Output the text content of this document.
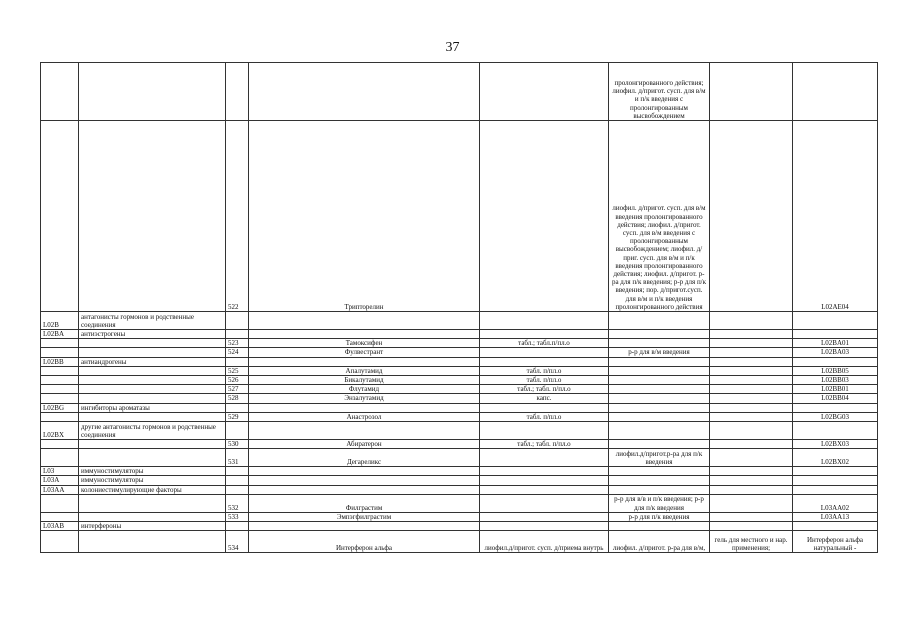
37
					пролонгированного действия; лиофил. д/пригот. сусп. для в/м и п/к введения с пролонгированным высвобождением		
		522	Трипторелин		лиофил. д/пригот. сусп. для в/м введения пролонгированного действия; лиофил. д/пригот. сусп. для в/м введения с пролонгированным высвобождением; лиофил. д/приг. сусп. для в/м и п/к введения пролонгированного действия; лиофил. д/пригот. р-ра для п/к введения; р-р для п/к введения; пор. д/пригот.сусп. для в/м и п/к введения пролонгированного действия		L02AE04
L02B	антагонисты гормонов и родственные соединения						
L02BA	антиэстрогены						
		523	Тамоксифен	табл.; табл.п/пл.о			L02BA01
		524	Фулвестрант		р-р для в/м введения		L02BA03
L02BB	антиандрогены						
		525	Апалутамид	табл. п/пл.о			L02BB05
		526	Бикалутамид	табл. п/пл.о			L02BB03
		527	Флутамид	табл.; табл. п/пл.о			L02BB01
		528	Энзалутамид	капс.			L02BB04
L02BG	ингибиторы ароматазы						
		529	Анастрозол	табл. п/пл.о			L02BG03
L02BX	другие антагонисты гормонов и родственные соединения						
		530	Абиратерон	табл.; табл. п/пл.о			L02BX03
		531	Дегареликс		лиофил.д/пригот.р-ра для п/к введения		L02BX02
L03	иммуностимуляторы						
L03A	иммуностимуляторы						
L03AA	колониестимулирующие факторы						
		532	Филграстим		р-р для в/в и п/к введения; р-р для п/к введения		L03AA02
		533	Эмпэгфилграстим		р-р для п/к введения		L03AA13
L03AB	интерфероны						
		534	Интерферон альфа	лиофил.д/пригот. сусп. д/приема внутрь	лиофил. д/пригот. р-ра для в/м,	гель для местного и нар. применения;	Интерферон альфа натуральный -
